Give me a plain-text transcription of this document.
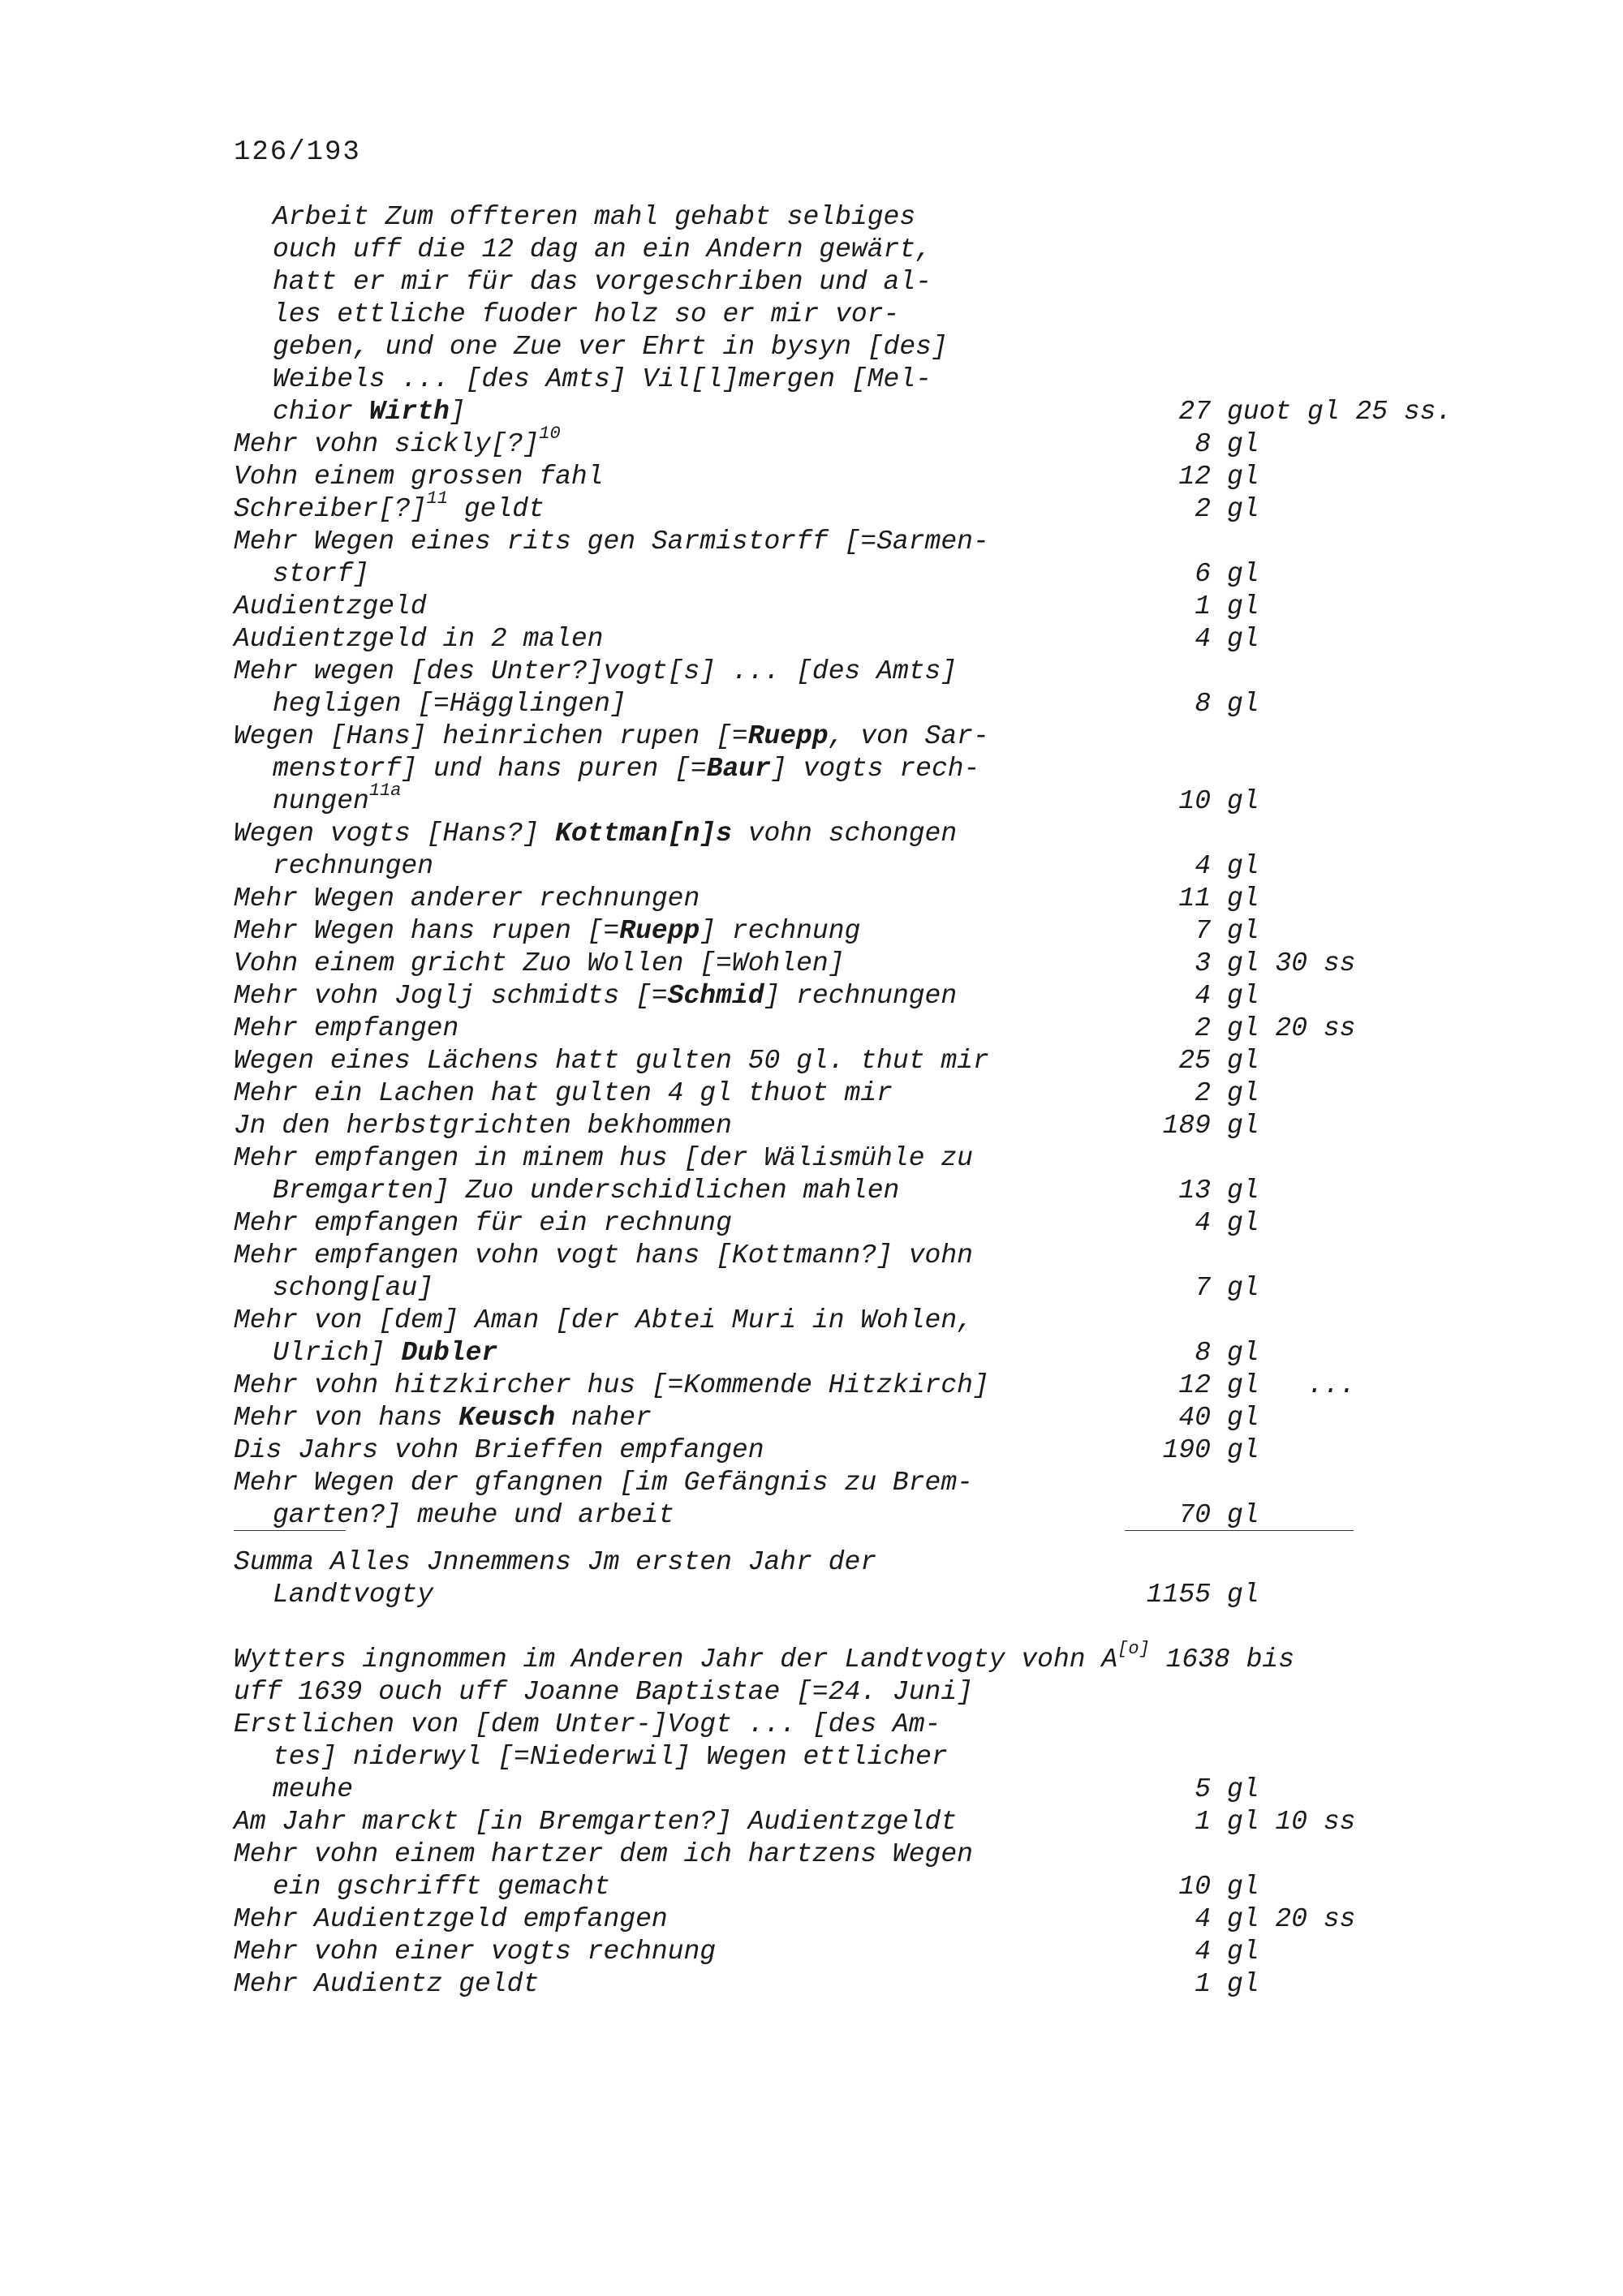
126/193
Arbeit Zum offteren mahl gehabt selbiges
ouch uff die 12 dag an ein Andern gewärt,
hatt er mir für das vorgeschriben und al-
les ettliche fuoder holz so er mir vor-
geben, und one Zue ver Ehrt in bysyn [des]
Weibels ... [des Amts] Vil[l]mergen [Mel-
chior Wirth]	27 guot gl 25 ss.
Mehr vohn sickly[?]$^{10}$	8 gl
Vohn einem grossen fahl	12 gl
Schreiber[?]$^{11}$ geldt	2 gl
Mehr Wegen eines rits gen Sarmistorff [=Sarmen-
storf]	6 gl
Audientzgeld	1 gl
Audientzgeld in 2 malen	4 gl
Mehr wegen [des Unter?]vogt[s] ... [des Amts]
hegligen [=Hägglingen]	8 gl
Wegen [Hans] heinrichen rupen [=Ruepp, von Sar-
menstorf] und hans puren [=Baur] vogts rech-
nungen$^{11a}$	10 gl
Wegen vogts [Hans?] Kottman[n]s vohn schongen
rechnungen	4 gl
Mehr Wegen anderer rechnungen	11 gl
Mehr Wegen hans rupen [=Ruepp] rechnung	7 gl
Vohn einem gricht Zuo Wollen [=Wohlen]	3 gl 30 ss
Mehr vohn Joglj schmidts [=Schmid] rechnungen	4 gl
Mehr empfangen	2 gl 20 ss
Wegen eines Lächens hatt gulten 50 gl. thut mir	25 gl
Mehr ein Lachen hat gulten 4 gl thuot mir	2 gl
Jn den herbstgrichten bekhommen	189 gl
Mehr empfangen in minem hus [der Wälismühle zu
Bremgarten] Zuo underschidlichen mahlen	13 gl
Mehr empfangen für ein rechnung	4 gl
Mehr empfangen vohn vogt hans [Kottmann?] vohn
schong[au]	7 gl
Mehr von [dem] Aman [der Abtei Muri in Wohlen,
Ulrich] Dubler	8 gl
Mehr vohn hitzkircher hus [=Kommende Hitzkirch]	12 gl   ...
Mehr von hans Keusch naher	40 gl
Dis Jahrs vohn Brieffen empfangen	190 gl
Mehr Wegen der gfangnen [im Gefängnis zu Brem-
garten?] meuhe und arbeit	70 gl
Summa Alles Jnnemmens Jm ersten Jahr der
Landtvogty	1155 gl
Wytters ingnommen im Anderen Jahr der Landtvogty vohn A[o] 1638 bis
uff 1639 ouch uff Joanne Baptistae [=24. Juni]
Erstlichen von [dem Unter-]Vogt ... [des Am-
tes] niderwyl [=Niederwil] Wegen ettlicher
meuhe	5 gl
Am Jahr marckt [in Bremgarten?] Audientzgeldt	1 gl 10 ss
Mehr vohn einem hartzer dem ich hartzens Wegen
ein gschrifft gemacht	10 gl
Mehr Audientzgeld empfangen	4 gl 20 ss
Mehr vohn einer vogts rechnung	4 gl
Mehr Audientz geldt	1 gl
